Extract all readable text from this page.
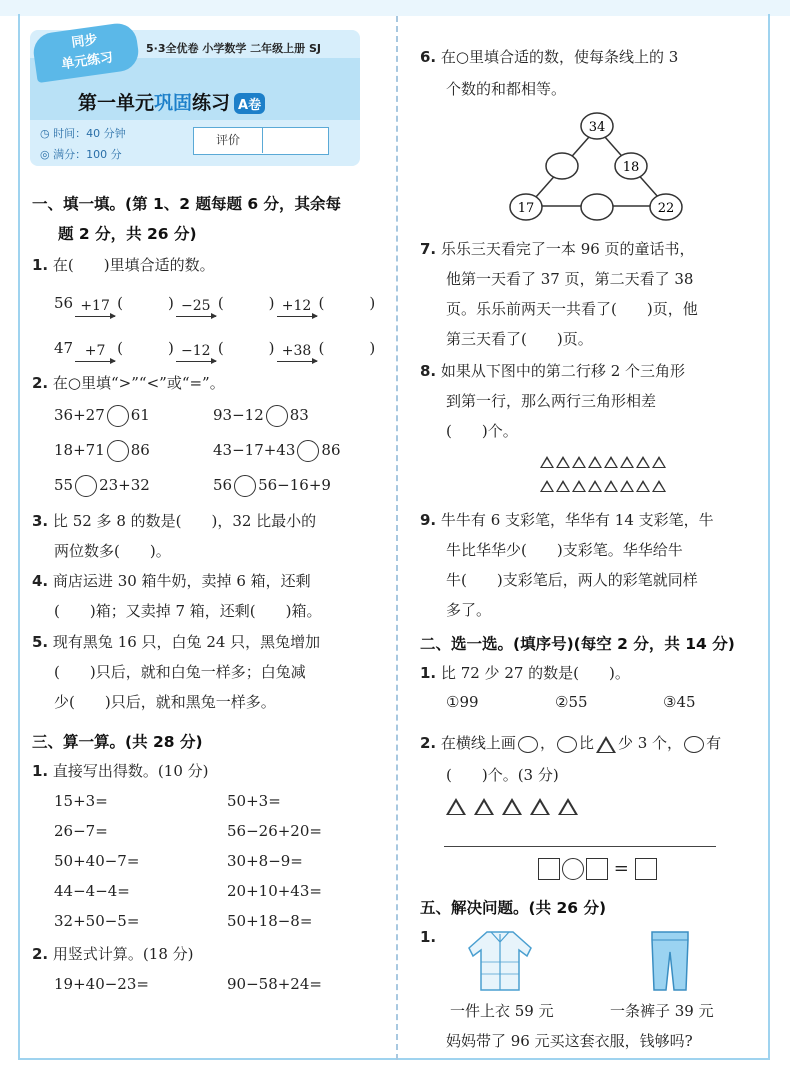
同步
单元练习
5·3全优卷 小学数学 二年级上册 SJ
第一单元巩固练习 A卷
◷ 时间：40 分钟
◎ 满分：100 分
评价
一、填一填。(第 1、2 题每题 6 分，其余每
题 2 分，共 26 分)
1. 在(　　)里填合适的数。
56 +17 (　　　) −25 (　　　) +12 (　　　)
47 +7 (　　　) −12 (　　　) +38 (　　　)
2. 在○里填“>”“<”或“=”。
36+27 61	93−12 83
18+71 86	43−17+43 86
55 23+32	56 56−16+9
3. 比 52 多 8 的数是(　　)，32 比最小的
两位数多(　　)。
4. 商店运进 30 箱牛奶，卖掉 6 箱，还剩
(　　)箱；又卖掉 7 箱，还剩(　　)箱。
5. 现有黑兔 16 只，白兔 24 只，黑兔增加
(　　)只后，就和白兔一样多；白兔减
少(　　)只后，就和黑兔一样多。
三、算一算。(共 28 分)
1. 直接写出得数。(10 分)
15+3=	50+3=
26−7=	56−26+20=
50+40−7=	30+8−9=
44−4−4=	20+10+43=
32+50−5=	50+18−8=
2. 用竖式计算。(18 分)
19+40−23=	90−58+24=
6. 在○里填合适的数，使每条线上的 3
个数的和都相等。
34
18
17	22
7. 乐乐三天看完了一本 96 页的童话书，
他第一天看了 37 页，第二天看了 38
页。乐乐前两天一共看了(　　)页，他
第三天看了(　　)页。
8. 如果从下图中的第二行移 2 个三角形
到第一行，那么两行三角形相差
(　　)个。
9. 牛牛有 6 支彩笔，华华有 14 支彩笔，牛
牛比华华少(　　)支彩笔。华华给牛
牛(　　)支彩笔后，两人的彩笔就同样
多了。
二、选一选。(填序号)(每空 2 分，共 14 分)
1. 比 72 少 27 的数是(　　)。
①99	②55	③45
2. 在横线上画 ， 比 少 3 个， 有
(　　)个。(3 分)
=
五、解决问题。(共 26 分)
1.
一件上衣 59 元	一条裤子 39 元
妈妈带了 96 元买这套衣服，钱够吗?
